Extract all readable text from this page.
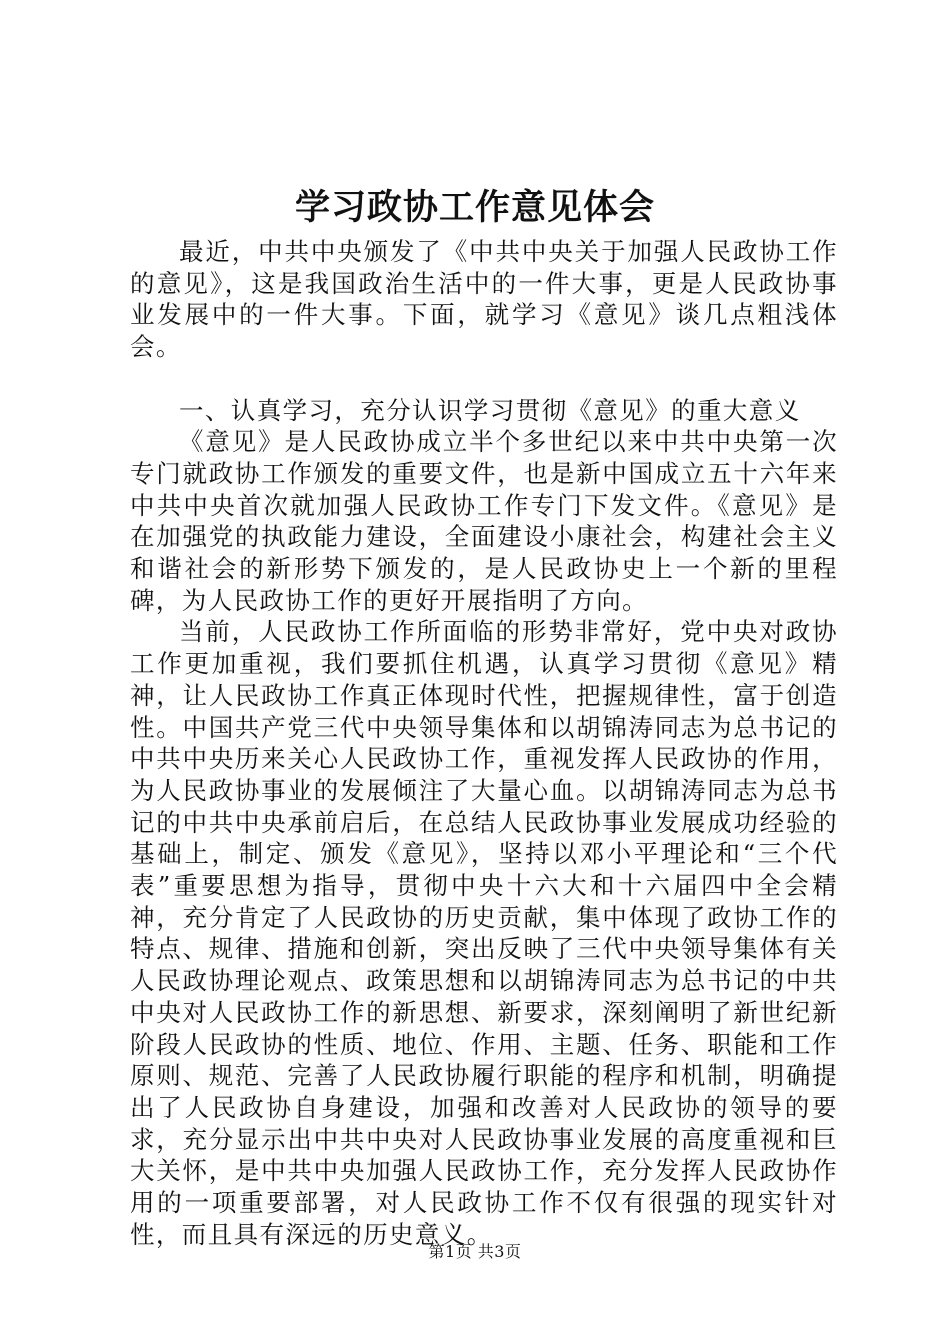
学习政协工作意见体会

最近，中共中央颁发了《中共中央关于加强人民政协工作的意见》，这是我国政治生活中的一件大事，更是人民政协事业发展中的一件大事。下面，就学习《意见》谈几点粗浅体会。

一、认真学习，充分认识学习贯彻《意见》的重大意义

《意见》是人民政协成立半个多世纪以来中共中央第一次专门就政协工作颁发的重要文件，也是新中国成立五十六年来中共中央首次就加强人民政协工作专门下发文件。《意见》是在加强党的执政能力建设，全面建设小康社会，构建社会主义和谐社会的新形势下颁发的，是人民政协史上一个新的里程碑，为人民政协工作的更好开展指明了方向。

当前，人民政协工作所面临的形势非常好，党中央对政协工作更加重视，我们要抓住机遇，认真学习贯彻《意见》精神，让人民政协工作真正体现时代性，把握规律性，富于创造性。中国共产党三代中央领导集体和以胡锦涛同志为总书记的中共中央历来关心人民政协工作，重视发挥人民政协的作用，为人民政协事业的发展倾注了大量心血。以胡锦涛同志为总书记的中共中央承前启后，在总结人民政协事业发展成功经验的基础上，制定、颁发《意见》，坚持以邓小平理论和“三个代表”重要思想为指导，贯彻中央十六大和十六届四中全会精神，充分肯定了人民政协的历史贡献，集中体现了政协工作的特点、规律、措施和创新，突出反映了三代中央领导集体有关人民政协理论观点、政策思想和以胡锦涛同志为总书记的中共中央对人民政协工作的新思想、新要求，深刻阐明了新世纪新阶段人民政协的性质、地位、作用、主题、任务、职能和工作原则、规范、完善了人民政协履行职能的程序和机制，明确提出了人民政协自身建设，加强和改善对人民政协的领导的要求，充分显示出中共中央对人民政协事业发展的高度重视和巨大关怀，是中共中央加强人民政协工作，充分发挥人民政协作用的一项重要部署，对人民政协工作不仅有很强的现实针对性，而且具有深远的历史意义。

第1页 共3页
